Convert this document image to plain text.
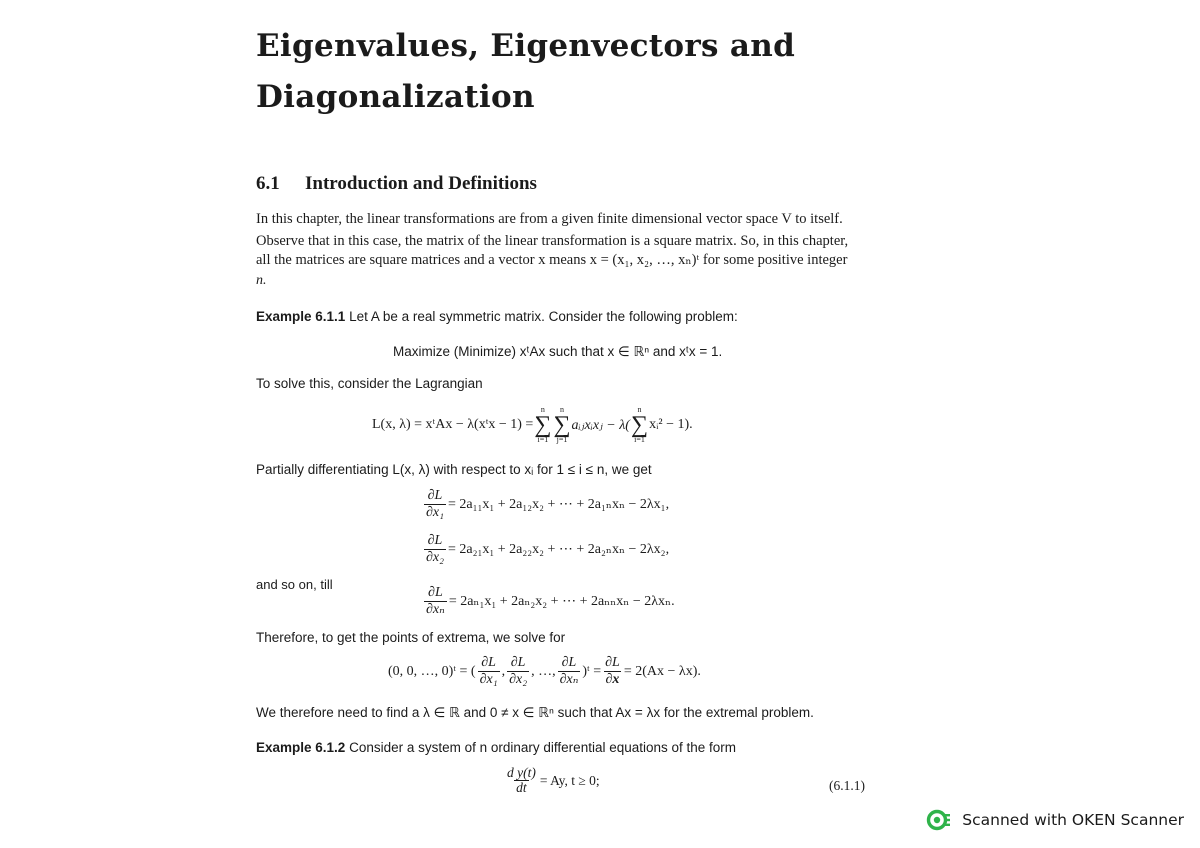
Eigenvalues, Eigenvectors and
Diagonalization
6.1 Introduction and Definitions
In this chapter, the linear transformations are from a given finite dimensional vector space V to itself.
Observe that in this case, the matrix of the linear transformation is a square matrix. So, in this chapter,
all the matrices are square matrices and a vector x means x = (x₁, x₂, …, xₙ)ᵗ for some positive integer
n.
Example 6.1.1 Let A be a real symmetric matrix. Consider the following problem:
Maximize (Minimize) xᵗAx such that x ∈ ℝⁿ and xᵗx = 1.
To solve this, consider the Lagrangian
L(x, λ) = xᵗAx − λ(xᵗx − 1) =
n
∑
i=1
n
∑
j=1
aᵢⱼxᵢxⱼ − λ(
n
∑
i=1
xᵢ² − 1).
Partially differentiating L(x, λ) with respect to xᵢ for 1 ≤ i ≤ n, we get
$\frac{\partial L}{\text{∂x₁}} = 2a_{11}x_1 + 2a_{12}x_2$ + ⋯ + 2a₁ₙxₙ − 2λx₁,
$\frac{\partial L}{\text{∂x₂}} = 2a_{21}x_1 + 2a_{22}x_2$ + ⋯ + 2a₂ₙxₙ − 2λx₂,
and so on, till
$\frac{\partial L}{\text{∂xₙ}} = 2a_{n1}x_1 + 2a_{n2}x_2$ + ⋯ + 2aₙₙxₙ − 2λxₙ.
Therefore, to get the points of extrema, we solve for
(0, 0, …, 0)ᵗ = ( $\frac{\partial L}{\text{∂x₁}}$ , $\frac{\partial L}{\text{∂x₂}}$ , …, $\frac{\partial L}{\text{∂xₙ}}$ )ᵗ = $\frac{\partial L}{\partial x} = 2(Ax - \lambda x)$.
We therefore need to find a λ ∈ ℝ and 0 ≠ x ∈ ℝⁿ such that Ax = λx for the extremal problem.
Example 6.1.2 Consider a system of n ordinary differential equations of the form
$\frac{\text{d y(t)}}{dt} = Ay$, t ≥ 0;	(6.1.1)
Scanned with OKEN Scanner
